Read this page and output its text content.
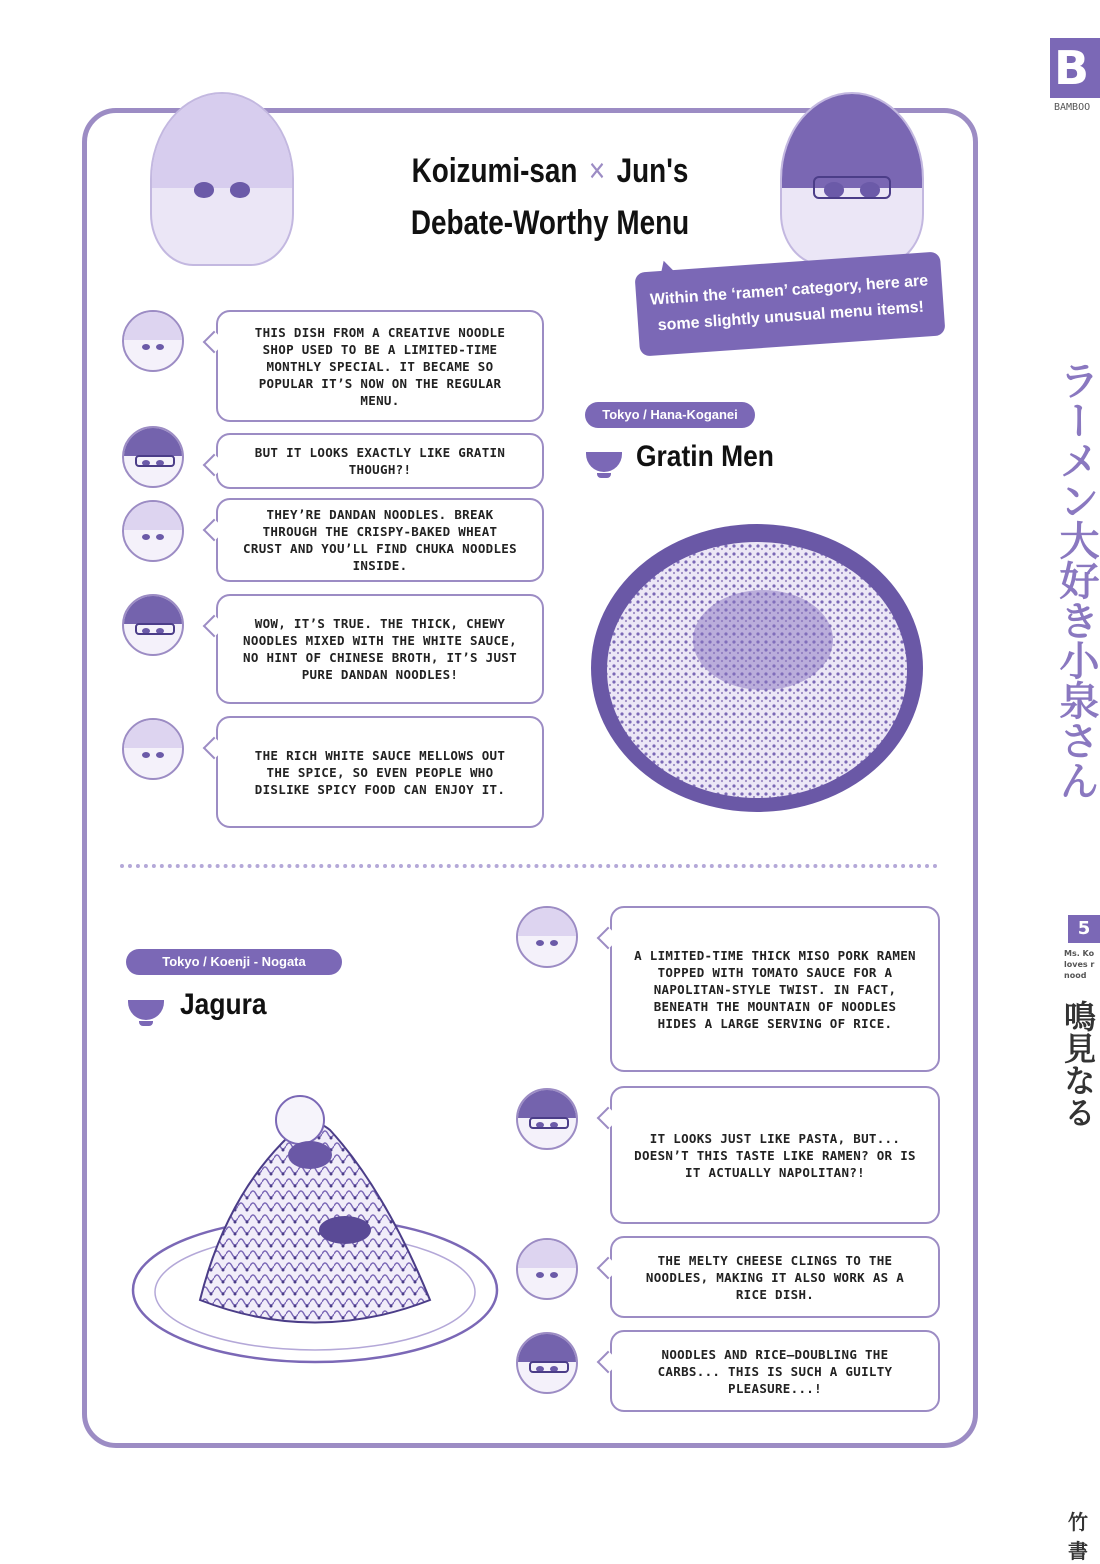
B
BAMBOO
ラーメン大好き小泉さん
5
Ms. Ko
loves r
nood
鳴見なる
竹書
Koizumi-san × Jun's
Debate-Worthy Menu
Within the ‘ramen’ category, here are
some slightly unusual menu items!
THIS DISH FROM A CREATIVE NOODLE SHOP USED TO BE A LIMITED-TIME MONTHLY SPECIAL. IT BECAME SO POPULAR IT’S NOW ON THE REGULAR MENU.
BUT IT LOOKS EXACTLY LIKE GRATIN THOUGH?!
THEY’RE DANDAN NOODLES. BREAK THROUGH THE CRISPY-BAKED WHEAT CRUST AND YOU’LL FIND CHUKA NOODLES INSIDE.
WOW, IT’S TRUE. THE THICK, CHEWY NOODLES MIXED WITH THE WHITE SAUCE, NO HINT OF CHINESE BROTH, IT’S JUST PURE DANDAN NOODLES!
THE RICH WHITE SAUCE MELLOWS OUT THE SPICE, SO EVEN PEOPLE WHO DISLIKE SPICY FOOD CAN ENJOY IT.
Tokyo / Hana-Koganei
Gratin Men
Tokyo / Koenji - Nogata
Jagura
A LIMITED-TIME THICK MISO PORK RAMEN TOPPED WITH TOMATO SAUCE FOR A NAPOLITAN-STYLE TWIST. IN FACT, BENEATH THE MOUNTAIN OF NOODLES HIDES A LARGE SERVING OF RICE.
IT LOOKS JUST LIKE PASTA, BUT... DOESN’T THIS TASTE LIKE RAMEN? OR IS IT ACTUALLY NAPOLITAN?!
THE MELTY CHEESE CLINGS TO THE NOODLES, MAKING IT ALSO WORK AS A RICE DISH.
NOODLES AND RICE–DOUBLING THE CARBS... THIS IS SUCH A GUILTY PLEASURE...!
